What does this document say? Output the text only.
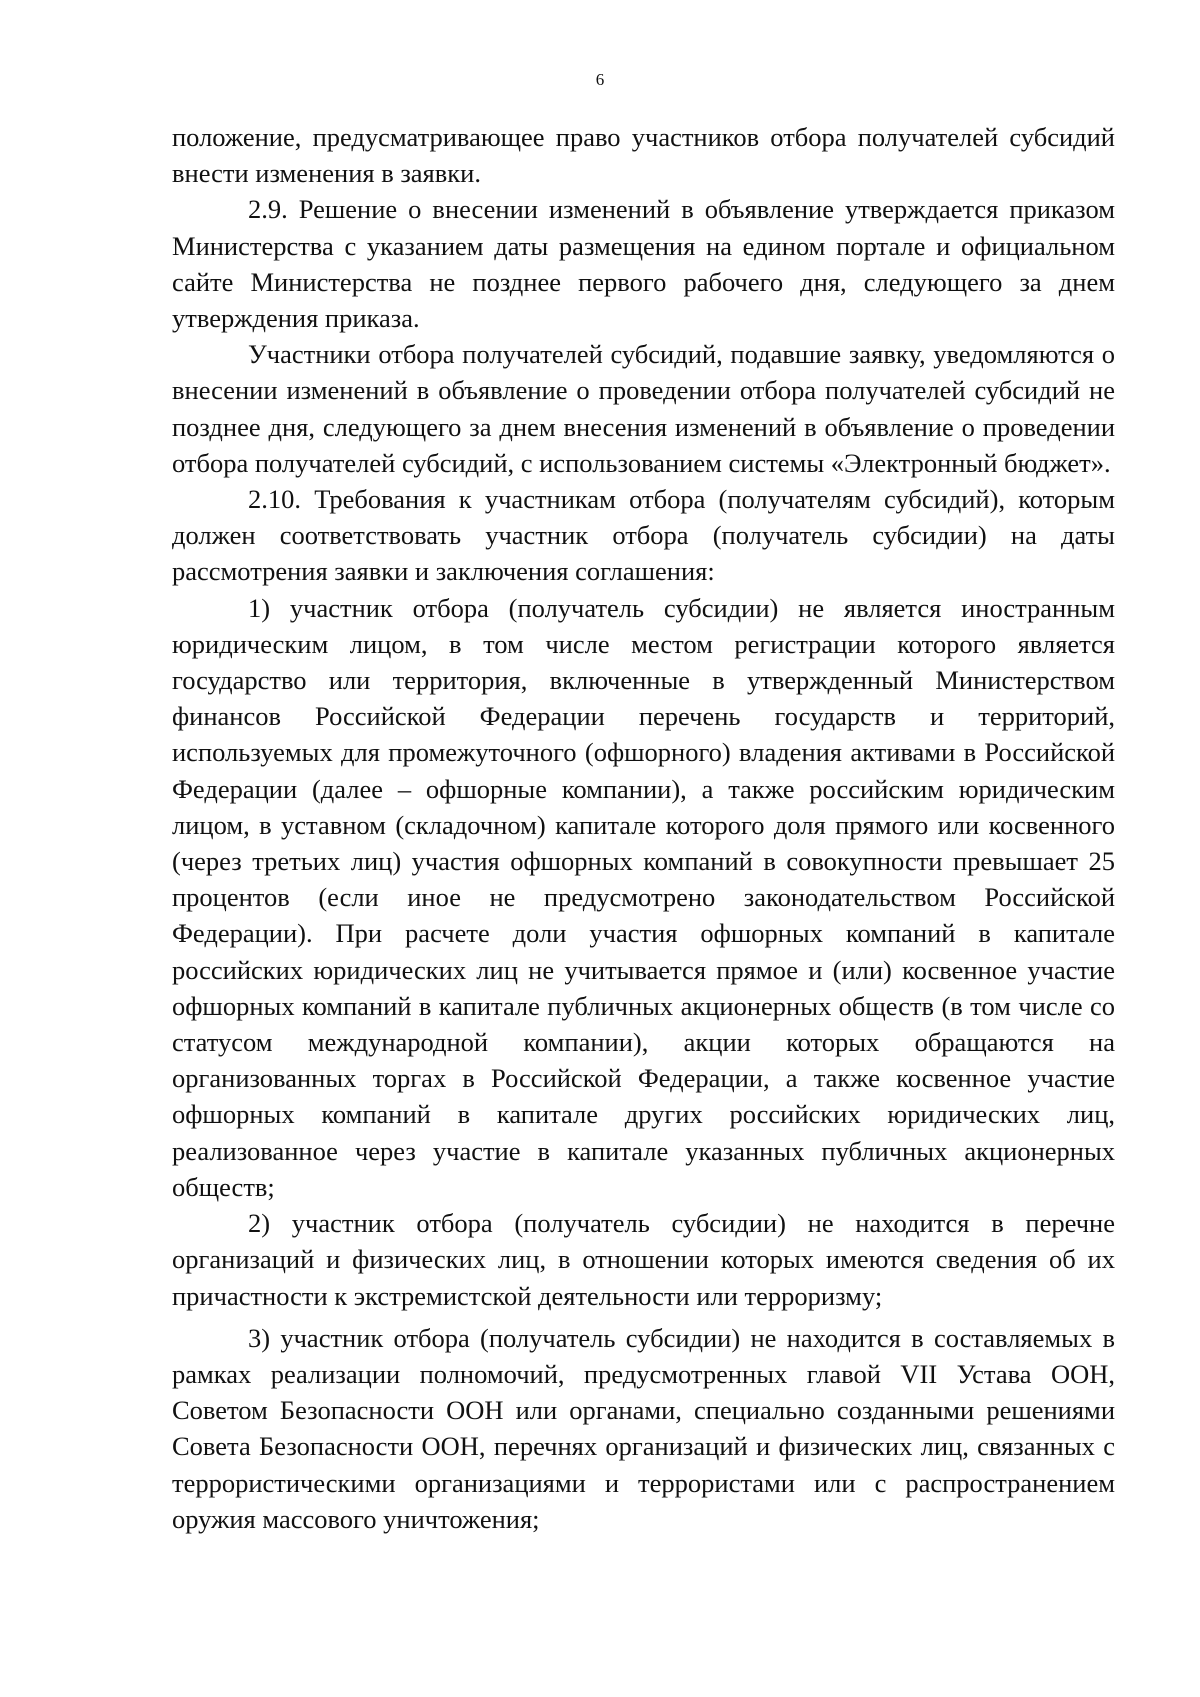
6

положение, предусматривающее право участников отбора получателей субсидий внести изменения в заявки.

2.9. Решение о внесении изменений в объявление утверждается приказом Министерства с указанием даты размещения на едином портале и официальном сайте Министерства не позднее первого рабочего дня, следующего за днем утверждения приказа.

Участники отбора получателей субсидий, подавшие заявку, уведомляются о внесении изменений в объявление о проведении отбора получателей субсидий не позднее дня, следующего за днем внесения изменений в объявление о проведении отбора получателей субсидий, с использованием системы «Электронный бюджет».

2.10. Требования к участникам отбора (получателям субсидий), которым должен соответствовать участник отбора (получатель субсидии) на даты рассмотрения заявки и заключения соглашения:

1) участник отбора (получатель субсидии) не является иностранным юридическим лицом, в том числе местом регистрации которого является государство или территория, включенные в утвержденный Министерством финансов Российской Федерации перечень государств и территорий, используемых для промежуточного (офшорного) владения активами в Российской Федерации (далее – офшорные компании), а также российским юридическим лицом, в уставном (складочном) капитале которого доля прямого или косвенного (через третьих лиц) участия офшорных компаний в совокупности превышает 25 процентов (если иное не предусмотрено законодательством Российской Федерации). При расчете доли участия офшорных компаний в капитале российских юридических лиц не учитывается прямое и (или) косвенное участие офшорных компаний в капитале публичных акционерных обществ (в том числе со статусом международной компании), акции которых обращаются на организованных торгах в Российской Федерации, а также косвенное участие офшорных компаний в капитале других российских юридических лиц, реализованное через участие в капитале указанных публичных акционерных обществ;

2) участник отбора (получатель субсидии) не находится в перечне организаций и физических лиц, в отношении которых имеются сведения об их причастности к экстремистской деятельности или терроризму;

3) участник отбора (получатель субсидии) не находится в составляемых в рамках реализации полномочий, предусмотренных главой VII Устава ООН, Советом Безопасности ООН или органами, специально созданными решениями Совета Безопасности ООН, перечнях организаций и физических лиц, связанных с террористическими организациями и террористами или с распространением оружия массового уничтожения;
